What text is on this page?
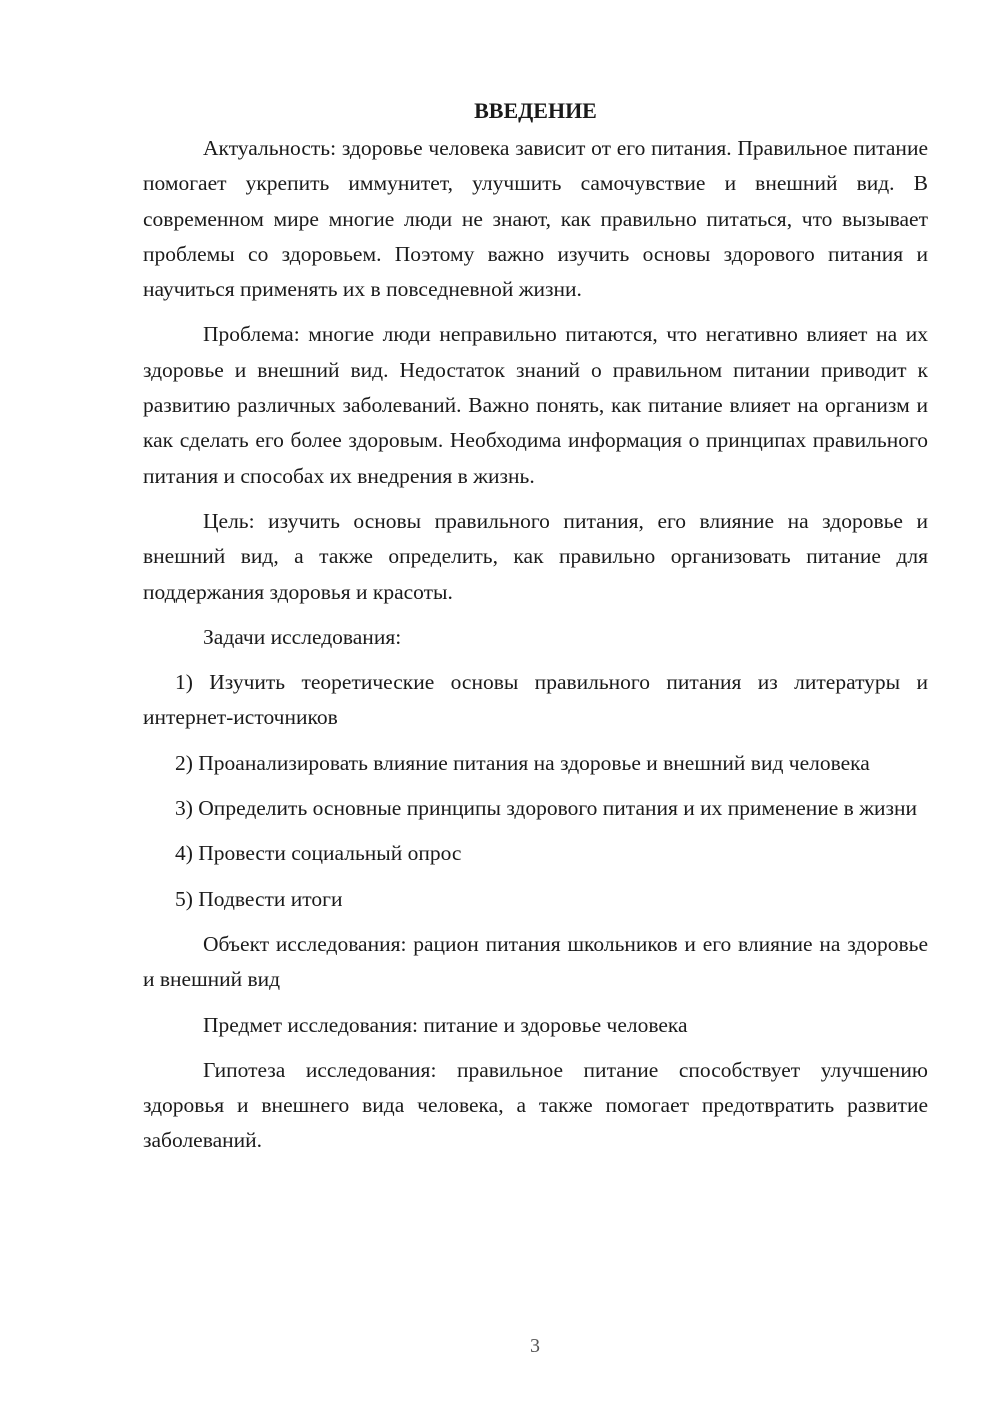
ВВЕДЕНИЕ

Актуальность: здоровье человека зависит от его питания. Правильное питание помогает укрепить иммунитет, улучшить самочувствие и внешний вид. В современном мире многие люди не знают, как правильно питаться, что вызывает проблемы со здоровьем. Поэтому важно изучить основы здорового питания и научиться применять их в повседневной жизни.

Проблема: многие люди неправильно питаются, что негативно влияет на их здоровье и внешний вид. Недостаток знаний о правильном питании приводит к развитию различных заболеваний. Важно понять, как питание влияет на организм и как сделать его более здоровым. Необходима информация о принципах правильного питания и способах их внедрения в жизнь.

Цель: изучить основы правильного питания, его влияние на здоровье и внешний вид, а также определить, как правильно организовать питание для поддержания здоровья и красоты.

Задачи исследования:

1) Изучить теоретические основы правильного питания из литературы и интернет-источников

2) Проанализировать влияние питания на здоровье и внешний вид человека

3) Определить основные принципы здорового питания и их применение в жизни

4) Провести социальный опрос

5) Подвести итоги

Объект исследования: рацион питания школьников и его влияние на здоровье и внешний вид

Предмет исследования: питание и здоровье человека

Гипотеза исследования: правильное питание способствует улучшению здоровья и внешнего вида человека, а также помогает предотвратить развитие заболеваний.

3
